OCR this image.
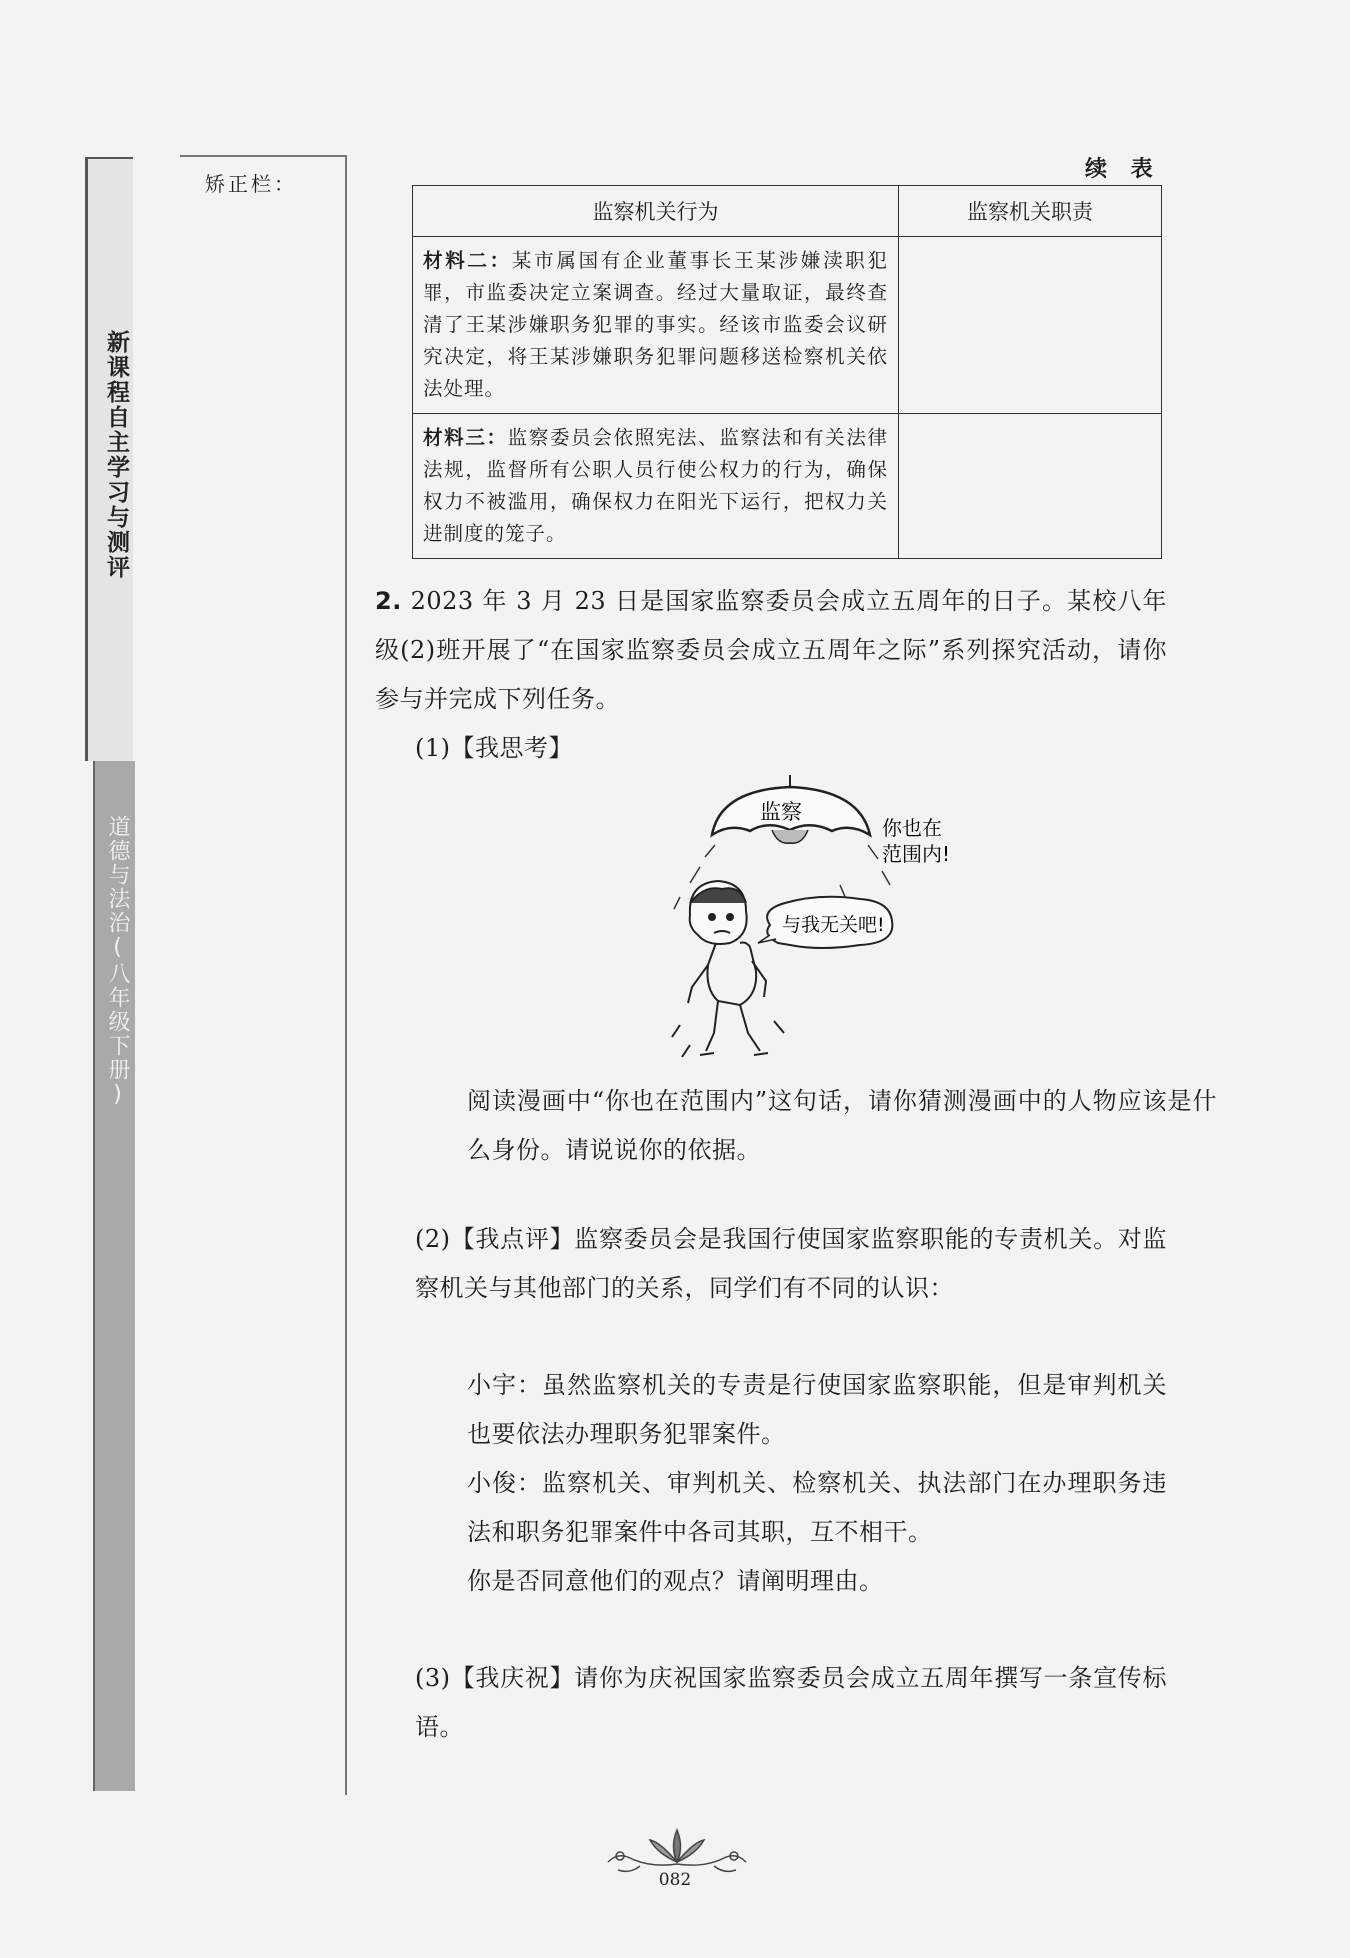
新课程自主学习与测评
道德与法治(八年级下册)
矫正栏：
续 表
监察机关行为	监察机关职责
材料二：某市属国有企业董事长王某涉嫌渎职犯罪，市监委决定立案调查。经过大量取证，最终查清了王某涉嫌职务犯罪的事实。经该市监委会议研究决定，将王某涉嫌职务犯罪问题移送检察机关依法处理。	
材料三：监察委员会依照宪法、监察法和有关法律法规，监督所有公职人员行使公权力的行为，确保权力不被滥用，确保权力在阳光下运行，把权力关进制度的笼子。	
2. 2023 年 3 月 23 日是国家监察委员会成立五周年的日子。某校八年级(2)班开展了“在国家监察委员会成立五周年之际”系列探究活动，请你参与并完成下列任务。
(1)【我思考】
监察
你也在
范围内!
与我无关吧!
阅读漫画中“你也在范围内”这句话，请你猜测漫画中的人物应该是什么身份。请说说你的依据。
(2)【我点评】监察委员会是我国行使国家监察职能的专责机关。对监察机关与其他部门的关系，同学们有不同的认识：
小宇：虽然监察机关的专责是行使国家监察职能，但是审判机关也要依法办理职务犯罪案件。
小俊：监察机关、审判机关、检察机关、执法部门在办理职务违法和职务犯罪案件中各司其职，互不相干。
你是否同意他们的观点？请阐明理由。
(3)【我庆祝】请你为庆祝国家监察委员会成立五周年撰写一条宣传标语。
082
